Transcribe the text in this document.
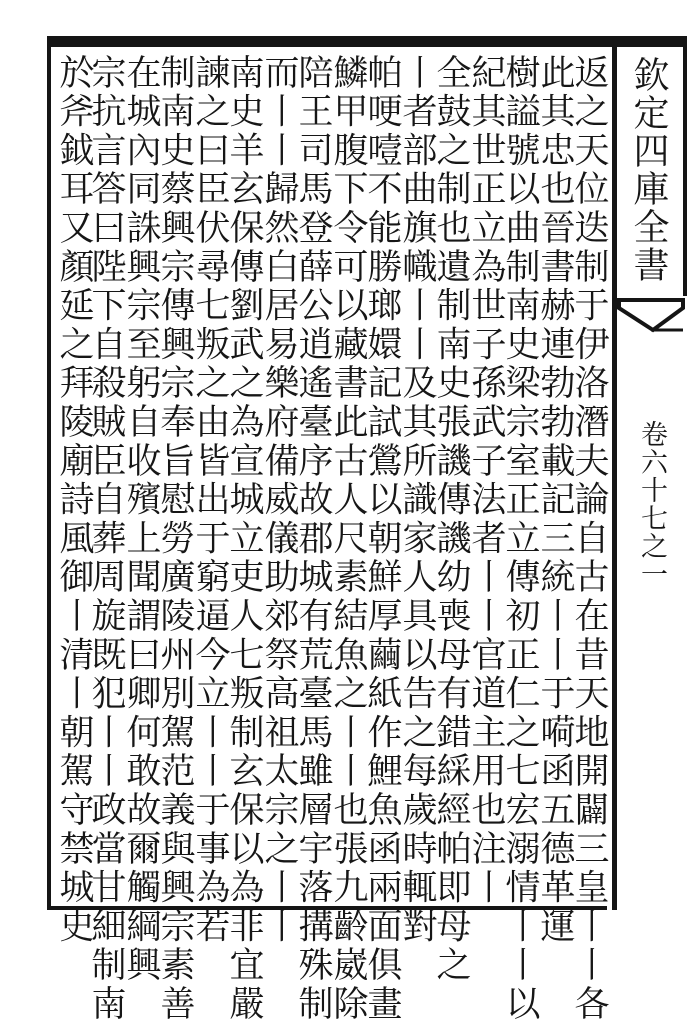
欽定四庫全書
卷六十七之一
返之天位迭制于伊洛潛夫論自古在昔天地開闢三皇丨丨各
此其忠也晉書赫連勃勃載記三統丨丨于嗬函五德革運
樹謚號以曲制南史梁宗室正立傳初正仁之七宏溺情丨丨以
紀其世正立為世子孫武子法者丨丨官道主用也注丨
全鼓之制也遺制南史張譏傳譏幼喪母有錯綵經帕即母之
丨者部曲旗幟丨丨及其所識家人具以告之每歲時輒對
帕哽噎不能勝瑯嬛記試鶯以朝鮮厚繭紙作鯉魚函兩面俱畫
鱗甲腹下令可以藏書此古人尺素結魚之丨丨也張九齡崴除
陪王司馬登薛公逍遙臺序故郡城有荒臺馬雖層宇落搆殊制
而丨丨歸然白居易樂府備威儀助郊祭高祖太宗之丨丨
南史羊玄保傳劉武之為宣城立吏人七叛制玄保以為非宜嚴
諫之曰臣伏尋七叛之由皆出于窮逼今立丨丨于事為若
制南史蔡興宗傳興宗奉旨慰勞廣陵州別駕范義與興宗素善
在城內同誅興宗至躬自收殯上聞謂曰卿何敢故爾觸綱興
宗抗言答曰陛下自殺賊臣自葬周旋既犯丨丨政當甘細制南
於斧鉞耳又顏延之拜陵廟詩風御丨清丨朝駕守禁城史
